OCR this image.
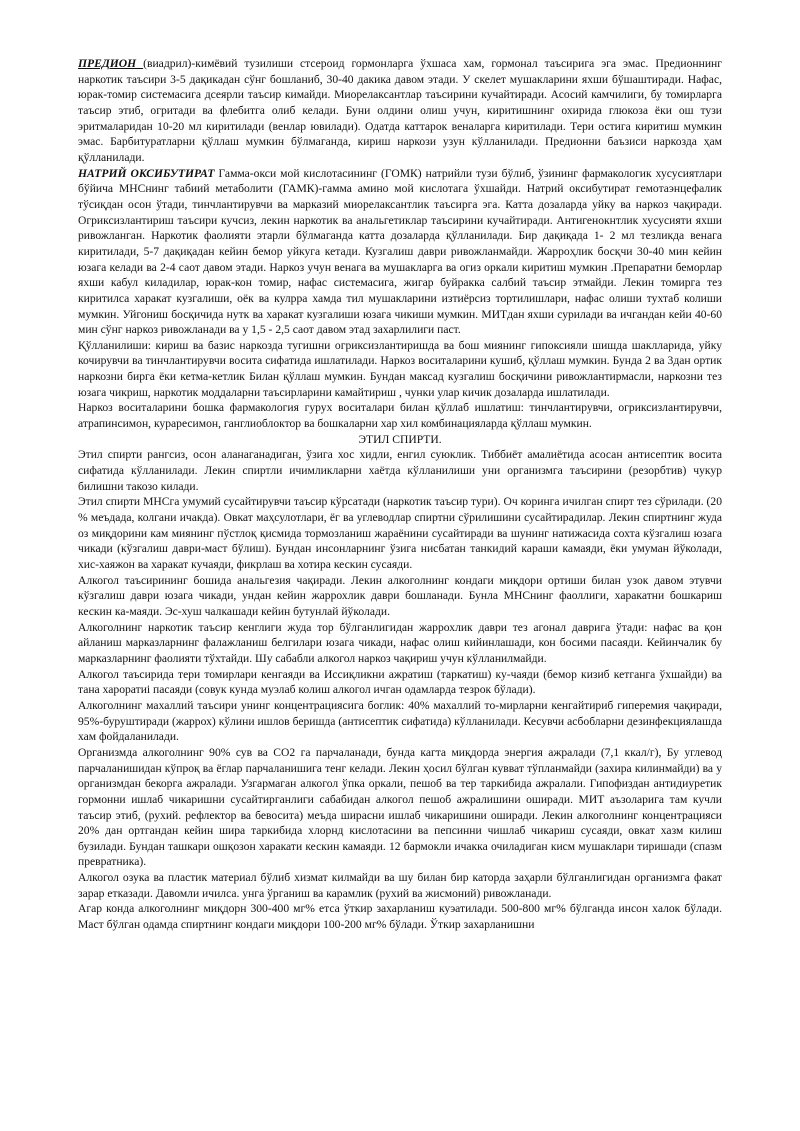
ПРЕДИОН (виадрил)-кимёвий тузилиши стсероид гормонларга ўхшаса хам, гормонал таъсирига эга эмас. Предионнинг наркотик таъсири 3-5 дақикадан сўнг бошланиб, 30-40 дакика давом этади. У скелет мушакларини яхши бўшаштиради. Нафас, юрак-томир системасига дсеярли таъсир кимайди. Миорелаксантлар таъсирини кучайтиради. Асосий камчилиги, бу томирларга таъсир этиб, огритади ва флебитга олиб келади. Буни олдини олиш учун, киритишнинг охирида глюкоза ёки ош тузи эритмаларидан 10-20 мл киритилади (венлар ювилади). Одатда каттарок веналарга киритилади. Тери остига киритиш мумкин эмас. Барбитуратларни қўллаш мумкин бўлмаганда, кириш наркози узун кўлланилади. Предионни баъзиси наркозда ҳам қўлланилади.

НАТРИЙ ОКСИБУТИРАТ Гамма-окси мой кислотасининг (ГОМК) натрийли тузи бўлиб, ўзининг фармакологик хусусиятлари бўйича МНСнинг табиий метаболити (ГАМК)-гамма амино мой кислотага ўхшайди. Натрий оксибутират гемотаэнцефалик тўсиқдан осон ўтади, тинчлантирувчи ва марказий миорелаксантлик таъсирга эга. Катта дозаларда уйку ва наркоз чақиради. Огриксизлантириш таъсири кучсиз, лекин наркотик ва анальгетиклар таъсирини кучайтиради. Антигенокнтлик хусусияти яхши ривожланган. Наркотик фаолияти этарли бўлмаганда катта дозаларда қўлланилади. Бир дақиқада 1- 2 мл тезликда венага киритилади, 5-7 дақиқадан кейин бемор уйкуга кетади. Кузгалиш даври ривожланмайди. Жарроҳлик босқчи 30-40 мин кейин юзага келади ва 2-4 саот давом этади. Наркоз учун венага ва мушакларга ва огиз оркали киритиш мумкин .Препаратни беморлар яхши кабул киладилар, юрак-кон томир, нафас системасига, жигар буйракка салбий таъсир этмайди. Лекин томирга тез киритилса харакат кузгалиши, оёк ва кулрра хамда тил мушакларини изтиёрсиз тортилишлари, нафас олиши тухтаб колиши мумкин. Уйгониш босқичида нутк ва харакат кузгалиши юзага чикиши мумкин. МИТдан яхши сурилади ва ичгандан кейи 40-60 мин сўнг наркоз ривожланади ва у 1,5 - 2,5 саот давом этад захарлилиги паст.

Қўлланилиши: кириш ва базис наркозда тугишни огриксизлантиришда ва бош миянинг гипоксияли шишда шаклларида, уйку кочирувчи ва тинчлантирувчи восита сифатида ишлатилади. Наркоз воситаларини кушиб, қўллаш мумкин. Бунда 2 ва 3дан ортик наркозни бирга ёки кетма-кетлик Билан қўллаш мумкин. Бундан максад кузгалиш босқичини ривожлантирмасли, наркозни тез юзага чикриш, наркотик моддаларни таъсирларини камайтириш , чунки улар кичик дозаларда ишлатилади.

Наркоз воситаларини бошка фармакология гурух воситалари билан қўллаб ишлатиш: тинчлантирувчи, огриксизлантирувчи, атрапинсимон, кураресимон, ганглиоблоктор ва бошкаларни хар хил комбинацияларда қўллаш мумкин.

ЭТИЛ СПИРТИ.

Этил спирти рангсиз, осон аланаганадиган, ўзига хос хидли, енгил суюклик. Тиббиёт амалиётида асосан антисептик восита сифатида кўлланилади. Лекин спиртли ичимликларни хаётда кўлланилиши уни организмга таъсирини (резорбтив) чукур билишни такозо килади.

Этил спирти МНСга умумий сусайтирувчи таъсир кўрсатади (наркотик таъсир тури). Оч коринга ичилган спирт тез сўрилади. (20 % меъдада, колгани ичакда). Овкат маҳсулотлари, ёг ва углеводлар спиртни сўрилишини сусайтирадилар. Лекин спиртнинг жуда оз миқдорини кам миянинг пўстлоқ қисмида тормозланиш жараёнини сусайтиради ва шунинг натижасида сохта кўзгалиш юзага чикади (кўзгалиш даври-маст бўлиш). Бундан инсонларнинг ўзига нисбатан танкидий караши камаяди, ёки умуман йўколади, хис-хаяжон ва харакат кучаяди, фикрлаш ва хотира кескин сусаяди.

Алкогол таъсирининг бошида анальгезия чақиради. Лекин алкоголнинг кондаги миқдори ортиши билан узок давом этувчи кўзгалиш даври юзага чикади, ундан кейин жаррохлик даври бошланади. Бунла МНСнинг фаоллиги, харакатни бошкариш кескин ка-маяди. Эс-хуш чалкашади кейин бутунлай йўколади.

Алкоголнинг наркотик таъсир кенглиги жуда тор бўлганлигидан жаррохлик даври тез агонал даврига ўтади: нафас ва қон айланиш марказларнинг фалажланиш белгилари юзага чикади, нафас олиш кийинлашади, кон босими пасаяди. Кейинчалик бу марказларнинг фаолияти тўхтайди. Шу сабабли алкогол наркоз чақириш учун кўлланилмайди.

Алкогол таъсирида тери томирлари кенгаяди ва Иссиқликни ажратиш (таркатиш) ку-чаяди (бемор кизиб кетганга ўхшайди) ва тана хароратиi пасаяди (совук кунда муэлаб колиш алкогол ичган одамларда тезрок бўлади).

Алкоголнинг махаллий таъсири унинг концентрациясига боглик: 40% махаллий то-мирларни кенгайтириб гиперемия чақиради, 95%-буруштиради (жаррох) кўлини ишлов беришда (антисептик сифатида) кўлланилади. Кесувчи асбобларни дезинфекциялашда хам фойдаланилади.

Организмда алкоголнинг 90% сув ва СО2 га парчаланади, бунда кагта миқдорда энергия ажралади (7,1 ккал/г), Бу углевод парчаланишидан кўпроқ ва ёглар парчаланишига тенг келади. Лекин ҳосил бўлган кувват тўпланмайди (захира килинмайди) ва у организмдан бекорга ажралади. Узгармаган алкогол ўпка оркали, пешоб ва тер таркибида ажралали. Гипофиздан антидиуретик гормонни ишлаб чикаришни сусайтирганлиги сабабидан алкогол пешоб ажралишини оширади. МИТ аъзоларига там кучли таъсир этиб, (рухий. рефлектор ва бевосита) меъда ширасни ишлаб чикаришини оширади. Лекин алкоголнинг концентрацияси 20% дан ортгандан кейин шира таркибида хлорнд кислотасини ва пепсинни чишлаб чикариш сусаяди, овкат хазм килиш бузилади. Бундан ташкари ошқозон харакати кескин камаяди. 12 бармокли ичакка очиладиган кисм мушаклари тиришади (спазм превратника).

Алкогол озука ва пластик материал бўлиб хизмат килмайди ва шу билан бир каторда заҳарли бўлганлигидан организмга факат зарар етказади. Давомли ичилса. унга ўрганиш ва карамлик (рухий ва жисмоний) ривожланади.

Агар конда алкоголнинг миқдорн 300-400 мг% етса ўткир захарланиш куэатилади. 500-800 мг% бўлганда инсон халок бўлади. Маст бўлган одамда спиртнинг кондаги миқдори 100-200 мг% бўлади. Ўткир захарланишни
